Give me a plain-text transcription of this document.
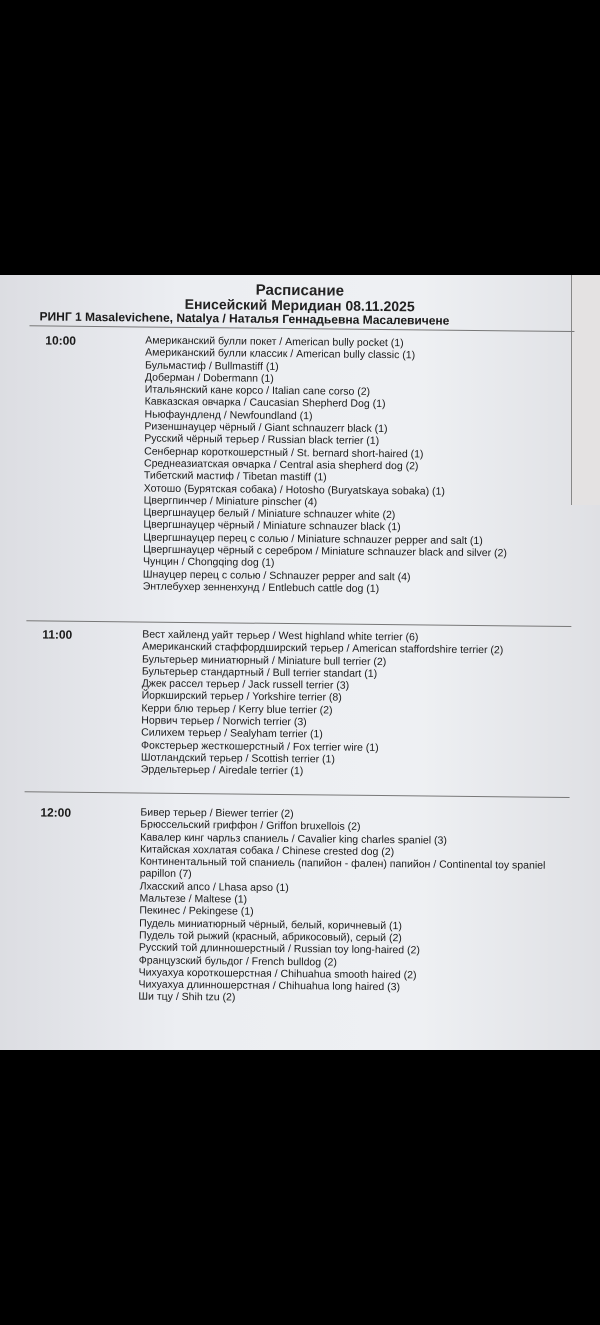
Расписание
Енисейский Меридиан 08.11.2025
РИНГ 1 Masalevichene, Natalya / Наталья Геннадьевна Масалевичене
10:00	Американский булли покет / American bully pocket (1)
Американский булли классик / American bully classic (1)
Бульмастиф / Bullmastiff (1)
Доберман / Dobermann (1)
Итальянский кане корсо / Italian cane corso (2)
Кавказская овчарка / Caucasian Shepherd Dog (1)
Ньюфаундленд / Newfoundland (1)
Ризеншнауцер чёрный / Giant schnauzerr black (1)
Русский чёрный терьер / Russian black terrier (1)
Сенбернар короткошерстный / St. bernard short-haired (1)
Среднеазиатская овчарка / Central asia shepherd dog (2)
Тибетский мастиф / Tibetan mastiff (1)
Хотошо (Бурятская собака) / Hotosho (Buryatskaya sobaka) (1)
Цвергпинчер / Miniature pinscher (4)
Цвергшнауцер белый / Miniature schnauzer white (2)
Цвергшнауцер чёрный / Miniature schnauzer black (1)
Цвергшнауцер перец с солью / Miniature schnauzer pepper and salt (1)
Цвергшнауцер чёрный с серебром / Miniature schnauzer black and silver (2)
Чунцин / Chongqing dog (1)
Шнауцер перец с солью / Schnauzer pepper and salt (4)
Энтлебухер зенненхунд / Entlebuch cattle dog (1)
11:00	Вест хайленд уайт терьер / West highland white terrier (6)
Американский стаффордширский терьер / American staffordshire terrier (2)
Бультерьер миниатюрный / Miniature bull terrier (2)
Бультерьер стандартный / Bull terrier standart (1)
Джек рассел терьер / Jack russell terrier (3)
Йоркширский терьер / Yorkshire terrier (8)
Керри блю терьер / Kerry blue terrier (2)
Норвич терьер / Norwich terrier (3)
Силихем терьер / Sealyham terrier (1)
Фокстерьер жесткошерстный / Fox terrier wire (1)
Шотландский терьер / Scottish terrier (1)
Эрдельтерьер / Airedale terrier (1)
12:00	Бивер терьер / Biewer terrier (2)
Брюссельский гриффон / Griffon bruxellois (2)
Кавалер кинг чарльз спаниель / Cavalier king charles spaniel (3)
Китайская хохлатая собака / Chinese crested dog (2)
Континентальный той спаниель (папийон - фален) папийон / Continental toy spaniel papillon (7)
Лхасский апсо / Lhasa apso (1)
Мальтезе / Maltese (1)
Пекинес / Pekingese (1)
Пудель миниатюрный чёрный, белый, коричневый (1)
Пудель той рыжий (красный, абрикосовый), серый (2)
Русский той длинношерстный / Russian toy long-haired (2)
Французский бульдог / French bulldog (2)
Чихуахуа короткошерстная / Chihuahua smooth haired (2)
Чихуахуа длинношерстная / Chihuahua long haired (3)
Ши тцу / Shih tzu (2)
